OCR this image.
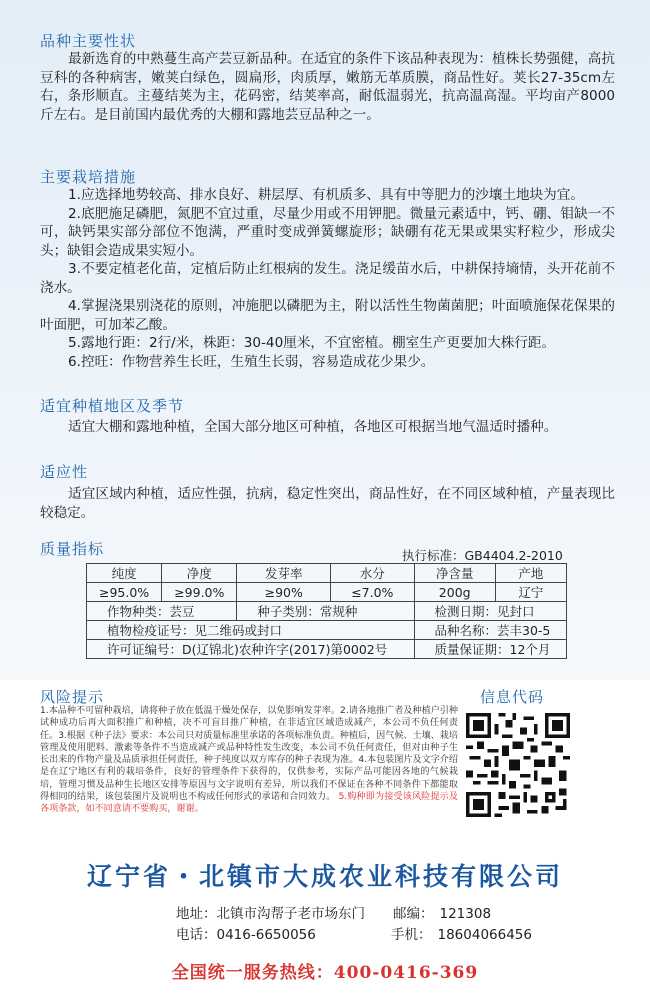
品种主要性状
最新选育的中熟蔓生高产芸豆新品种。在适宜的条件下该品种表现为：植株长势强健，高抗豆科的各种病害，嫩荚白绿色，圆扁形，肉质厚，嫩筋无革质膜，商品性好。荚长27-35cm左右，条形顺直。主蔓结荚为主，花码密，结荚率高，耐低温弱光，抗高温高湿。平均亩产8000斤左右。是目前国内最优秀的大棚和露地芸豆品种之一。
主要栽培措施
1.应选择地势较高、排水良好、耕层厚、有机质多、具有中等肥力的沙壤土地块为宜。
2.底肥施足磷肥，氮肥不宜过重，尽量少用或不用钾肥。微量元素适中，钙、硼、钼缺一不可，缺钙果实部分部位不饱满，严重时变成弹簧螺旋形；缺硼有花无果或果实籽粒少，形成尖头；缺钼会造成果实短小。
3.不要定植老化苗，定植后防止红根病的发生。浇足缓苗水后，中耕保持墒情，头开花前不浇水。
4.掌握浇果别浇花的原则，冲施肥以磷肥为主，附以活性生物菌菌肥；叶面喷施保花保果的叶面肥，可加苯乙酸。
5.露地行距：2行/米，株距：30-40厘米，不宜密植。棚室生产更要加大株行距。
6.控旺：作物营养生长旺，生殖生长弱，容易造成花少果少。
适宜种植地区及季节
适宜大棚和露地种植，全国大部分地区可种植，各地区可根据当地气温适时播种。
适应性
适宜区域内种植，适应性强，抗病，稳定性突出，商品性好，在不同区域种植，产量表现比较稳定。
质量指标	执行标准：GB4404.2-2010
纯度	净度	发芽率	水分	净含量	产地
≥95.0%	≥99.0%	≥90%	≤7.0%	200g	辽宁
作物种类：芸豆		种子类别：常规种		检测日期：见封口	
植物检疫证号：见二维码或封口				品种名称：芸丰30-5	
许可证编号：D(辽锦北)农种许字(2017)第0002号				质量保证期：12个月	
风险提示
1.本品种不可留种栽培，请将种子放在低温干燥处保存，以免影响发芽率。2.请各地推广者及种植户引种试种成功后再大面积推广和种植，决不可盲目推广种植，在非适宜区域造成减产，本公司不负任何责任。3.根据《种子法》要求：本公司只对质量标准里承诺的各项标准负责。种植后，因气候、土壤、栽培管理及使用肥料、激素等条件不当造成减产或品种特性发生改变，本公司不负任何责任，但对由种子生长出来的作物产量及品质承担任何责任，种子纯度以双方库存的种子表现为准。4.本包装图片及文字介绍是在辽宁地区有利的栽培条件，良好的管理条件下获得的，仅供参考，实际产品可能因各地的气候栽培，管理习惯及品种生长地区安排等原因与文字说明有差异，所以我们不保证在各种不同条件下都能取得相同的结果，该包装图片及说明也不构成任何形式的承诺和合同效力。 5.购种即为接受该风险提示及各项条款，如不同意请不要购买，谢谢。
信息代码
辽宁省・北镇市大成农业科技有限公司
地址：北镇市沟帮子老市场东门 邮编： 121308
电话：0416-6650056	手机： 18604066456
全国统一服务热线：400-0416-369
